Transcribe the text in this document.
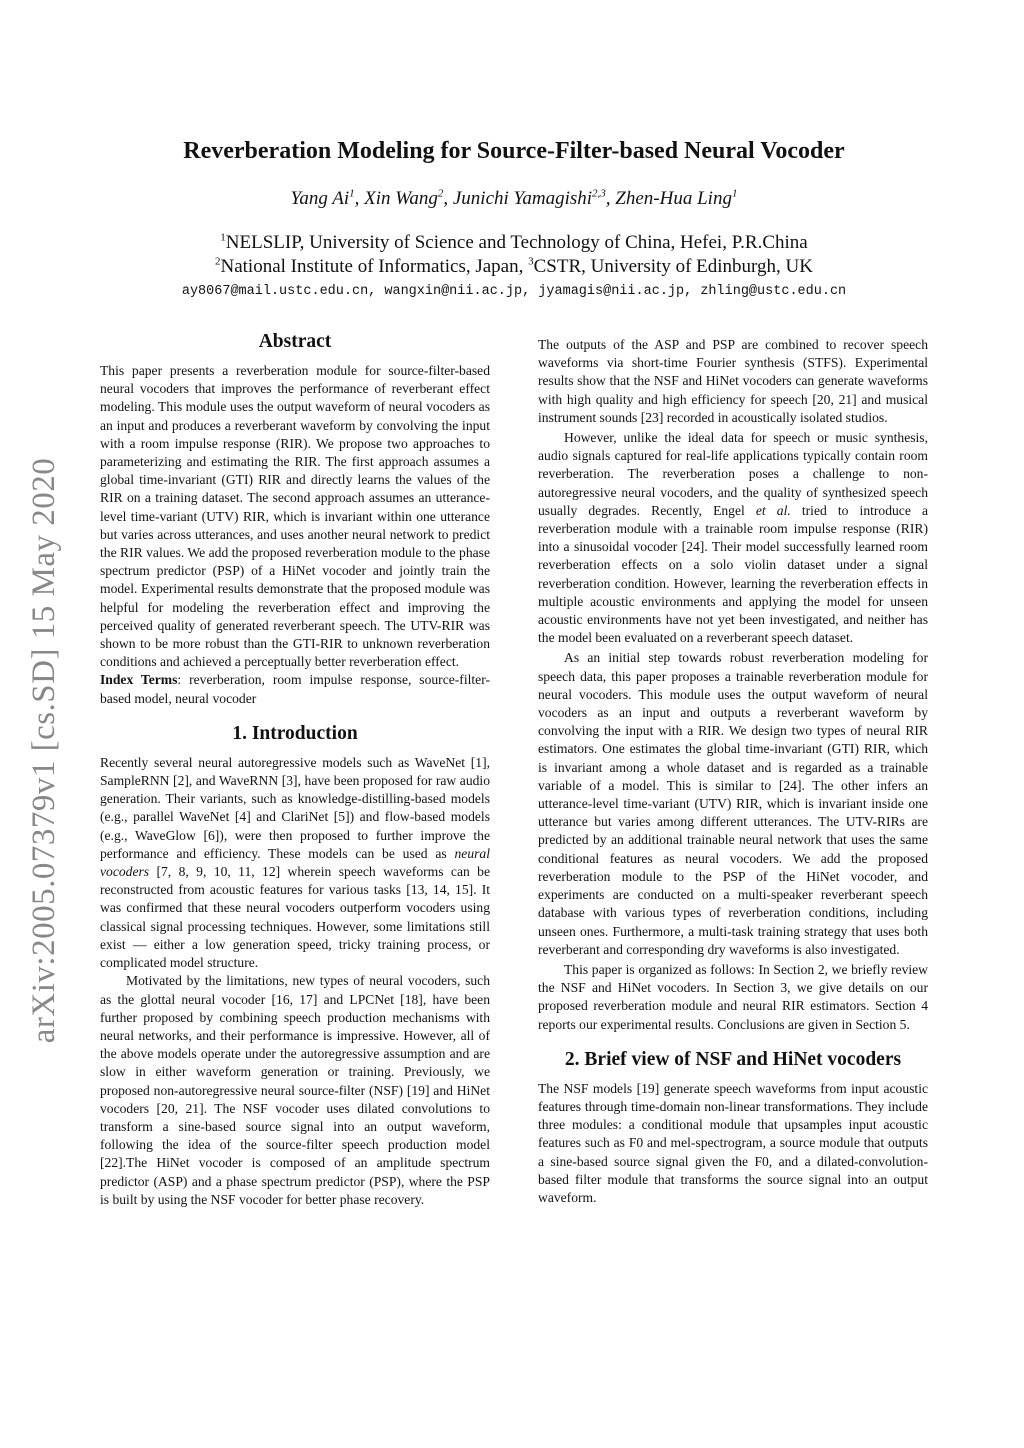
arXiv:2005.07379v1 [cs.SD] 15 May 2020
Reverberation Modeling for Source-Filter-based Neural Vocoder

Yang Ai$^1$, Xin Wang$^2$, Junichi Yamagishi$^{2,3}$, Zhen-Hua Ling$^1$

$^1$NELSLIP, University of Science and Technology of China, Hefei, P.R.China

$^2$National Institute of Informatics, Japan, $^3$CSTR, University of Edinburgh, UK

ay8067@mail.ustc.edu.cn, wangxin@nii.ac.jp, jyamagis@nii.ac.jp, zhling@ustc.edu.cn

Abstract

This paper presents a reverberation module for source-filter-based neural vocoders that improves the performance of reverberant effect modeling. This module uses the output waveform of neural vocoders as an input and produces a reverberant waveform by convolving the input with a room impulse response (RIR). We propose two approaches to parameterizing and estimating the RIR. The first approach assumes a global time-invariant (GTI) RIR and directly learns the values of the RIR on a training dataset. The second approach assumes an utterance-level time-variant (UTV) RIR, which is invariant within one utterance but varies across utterances, and uses another neural network to predict the RIR values. We add the proposed reverberation module to the phase spectrum predictor (PSP) of a HiNet vocoder and jointly train the model. Experimental results demonstrate that the proposed module was helpful for modeling the reverberation effect and improving the perceived quality of generated reverberant speech. The UTV-RIR was shown to be more robust than the GTI-RIR to unknown reverberation conditions and achieved a perceptually better reverberation effect.

Index Terms: reverberation, room impulse response, source-filter-based model, neural vocoder

1. Introduction

Recently several neural autoregressive models such as WaveNet [1], SampleRNN [2], and WaveRNN [3], have been proposed for raw audio generation. Their variants, such as knowledge-distilling-based models (e.g., parallel WaveNet [4] and ClariNet [5]) and flow-based models (e.g., WaveGlow [6]), were then proposed to further improve the performance and efficiency. These models can be used as neural vocoders [7, 8, 9, 10, 11, 12] wherein speech waveforms can be reconstructed from acoustic features for various tasks [13, 14, 15]. It was confirmed that these neural vocoders outperform vocoders using classical signal processing techniques. However, some limitations still exist — either a low generation speed, tricky training process, or complicated model structure.

Motivated by the limitations, new types of neural vocoders, such as the glottal neural vocoder [16, 17] and LPCNet [18], have been further proposed by combining speech production mechanisms with neural networks, and their performance is impressive. However, all of the above models operate under the autoregressive assumption and are slow in either waveform generation or training. Previously, we proposed non-autoregressive neural source-filter (NSF) [19] and HiNet vocoders [20, 21]. The NSF vocoder uses dilated convolutions to transform a sine-based source signal into an output waveform, following the idea of the source-filter speech production model [22].The HiNet vocoder is composed of an amplitude spectrum predictor (ASP) and a phase spectrum predictor (PSP), where the PSP is built by using the NSF vocoder for better phase recovery.

The outputs of the ASP and PSP are combined to recover speech waveforms via short-time Fourier synthesis (STFS). Experimental results show that the NSF and HiNet vocoders can generate waveforms with high quality and high efficiency for speech [20, 21] and musical instrument sounds [23] recorded in acoustically isolated studios.

However, unlike the ideal data for speech or music synthesis, audio signals captured for real-life applications typically contain room reverberation. The reverberation poses a challenge to non-autoregressive neural vocoders, and the quality of synthesized speech usually degrades. Recently, Engel et al. tried to introduce a reverberation module with a trainable room impulse response (RIR) into a sinusoidal vocoder [24]. Their model successfully learned room reverberation effects on a solo violin dataset under a signal reverberation condition. However, learning the reverberation effects in multiple acoustic environments and applying the model for unseen acoustic environments have not yet been investigated, and neither has the model been evaluated on a reverberant speech dataset.

As an initial step towards robust reverberation modeling for speech data, this paper proposes a trainable reverberation module for neural vocoders. This module uses the output waveform of neural vocoders as an input and outputs a reverberant waveform by convolving the input with a RIR. We design two types of neural RIR estimators. One estimates the global time-invariant (GTI) RIR, which is invariant among a whole dataset and is regarded as a trainable variable of a model. This is similar to [24]. The other infers an utterance-level time-variant (UTV) RIR, which is invariant inside one utterance but varies among different utterances. The UTV-RIRs are predicted by an additional trainable neural network that uses the same conditional features as neural vocoders. We add the proposed reverberation module to the PSP of the HiNet vocoder, and experiments are conducted on a multi-speaker reverberant speech database with various types of reverberation conditions, including unseen ones. Furthermore, a multi-task training strategy that uses both reverberant and corresponding dry waveforms is also investigated.

This paper is organized as follows: In Section 2, we briefly review the NSF and HiNet vocoders. In Section 3, we give details on our proposed reverberation module and neural RIR estimators. Section 4 reports our experimental results. Conclusions are given in Section 5.

2. Brief view of NSF and HiNet vocoders

The NSF models [19] generate speech waveforms from input acoustic features through time-domain non-linear transformations. They include three modules: a conditional module that upsamples input acoustic features such as F0 and mel-spectrogram, a source module that outputs a sine-based source signal given the F0, and a dilated-convolution-based filter module that transforms the source signal into an output waveform.
